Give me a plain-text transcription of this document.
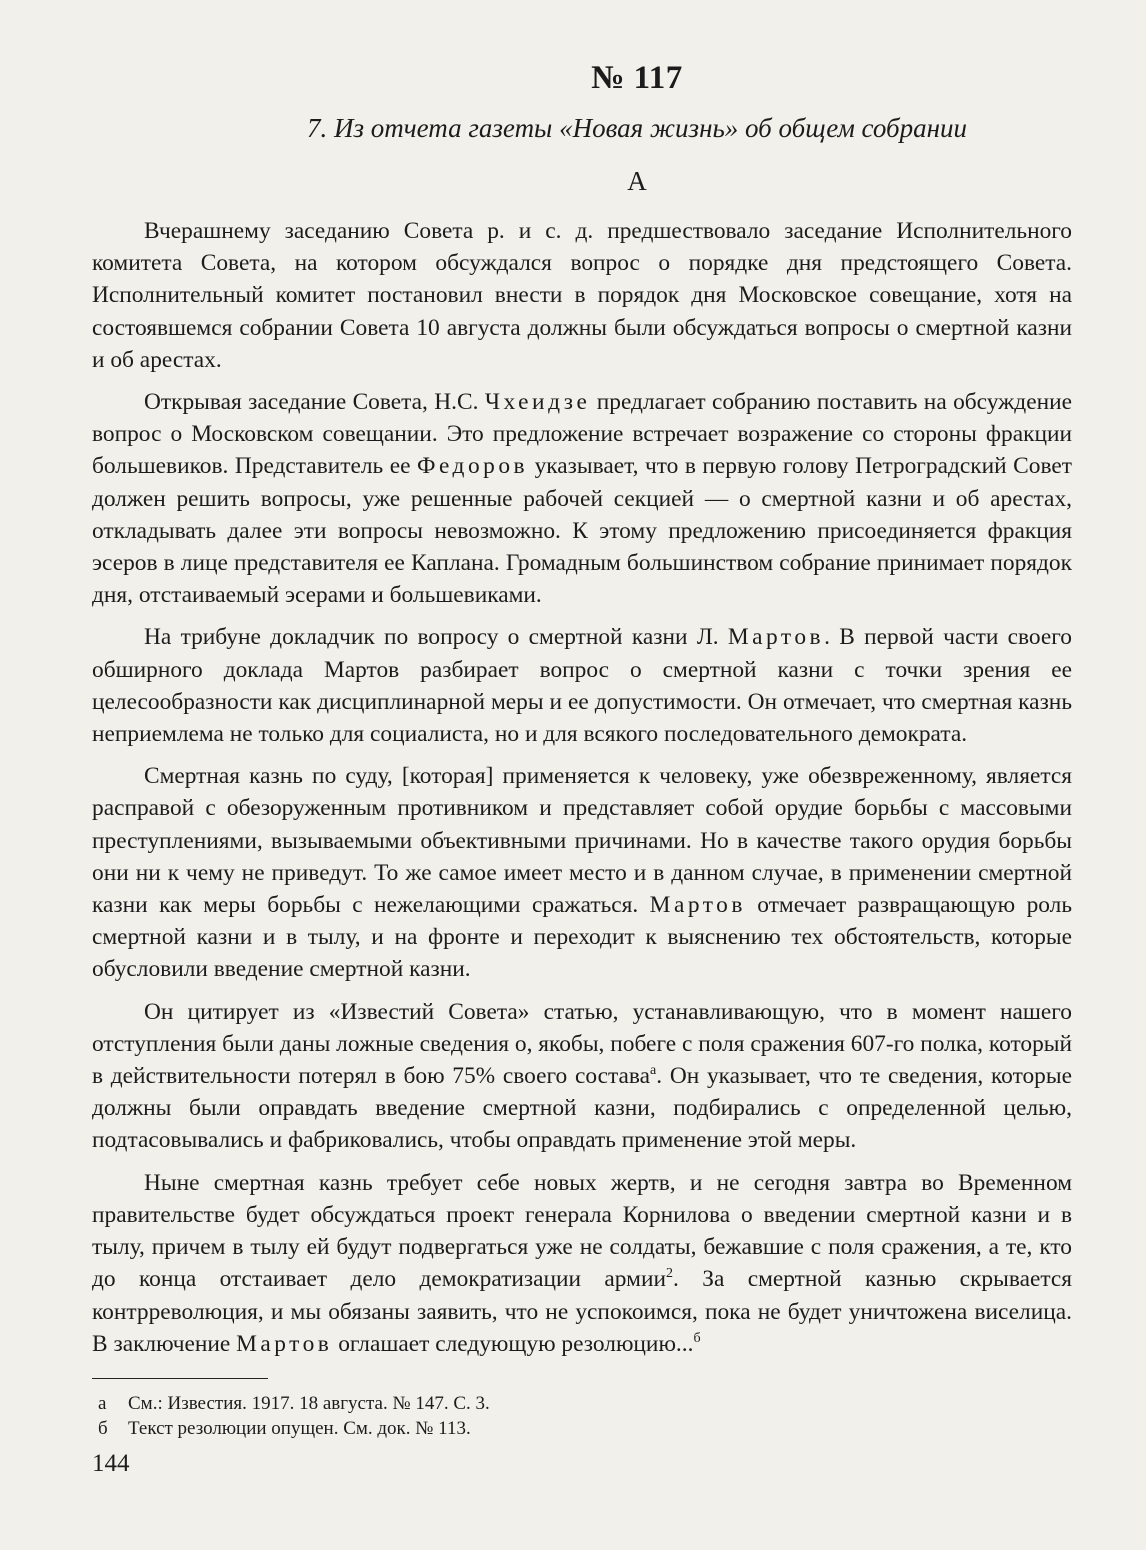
№ 117
7. Из отчета газеты «Новая жизнь» об общем собрании
А

Вчерашнему заседанию Совета р. и с. д. предшествовало заседание Исполнительного комитета Совета, на котором обсуждался вопрос о порядке дня предстоящего Совета. Исполнительный комитет постановил внести в порядок дня Московское совещание, хотя на состоявшемся собрании Совета 10 августа должны были обсуждаться вопросы о смертной казни и об арестах.

Открывая заседание Совета, Н.С. Чхеидзе предлагает собранию поставить на обсуждение вопрос о Московском совещании. Это предложение встречает возражение со стороны фракции большевиков. Представитель ее Федоров указывает, что в первую голову Петроградский Совет должен решить вопросы, уже решенные рабочей секцией — о смертной казни и об арестах, откладывать далее эти вопросы невозможно. К этому предложению присоединяется фракция эсеров в лице представителя ее Каплана. Громадным большинством собрание принимает порядок дня, отстаиваемый эсерами и большевиками.

На трибуне докладчик по вопросу о смертной казни Л. Мартов. В первой части своего обширного доклада Мартов разбирает вопрос о смертной казни с точки зрения ее целесообразности как дисциплинарной меры и ее допустимости. Он отмечает, что смертная казнь неприемлема не только для социалиста, но и для всякого последовательного демократа.

Смертная казнь по суду, [которая] применяется к человеку, уже обезвреженному, является расправой с обезоруженным противником и представляет собой орудие борьбы с массовыми преступлениями, вызываемыми объективными причинами. Но в качестве такого орудия борьбы они ни к чему не приведут. То же самое имеет место и в данном случае, в применении смертной казни как меры борьбы с нежелающими сражаться. Мартов отмечает развращающую роль смертной казни и в тылу, и на фронте и переходит к выяснению тех обстоятельств, которые обусловили введение смертной казни.

Он цитирует из «Известий Совета» статью, устанавливающую, что в момент нашего отступления были даны ложные сведения о, якобы, побеге с поля сражения 607-го полка, который в действительности потерял в бою 75% своего состава$^а$. Он указывает, что те сведения, которые должны были оправдать введение смертной казни, подбирались с определенной целью, подтасовывались и фабриковались, чтобы оправдать применение этой меры.

Ныне смертная казнь требует себе новых жертв, и не сегодня завтра во Временном правительстве будет обсуждаться проект генерала Корнилова о введении смертной казни и в тылу, причем в тылу ей будут подвергаться уже не солдаты, бежавшие с поля сражения, а те, кто до конца отстаивает дело демократизации армии$^2$. За смертной казнью скрывается контрреволюция, и мы обязаны заявить, что не успокоимся, пока не будет уничтожена виселица. В заключение Мартов оглашает следующую резолюцию...$^б$

а	См.: Известия. 1917. 18 августа. № 147. С. 3.
б	Текст резолюции опущен. См. док. № 113.
144
